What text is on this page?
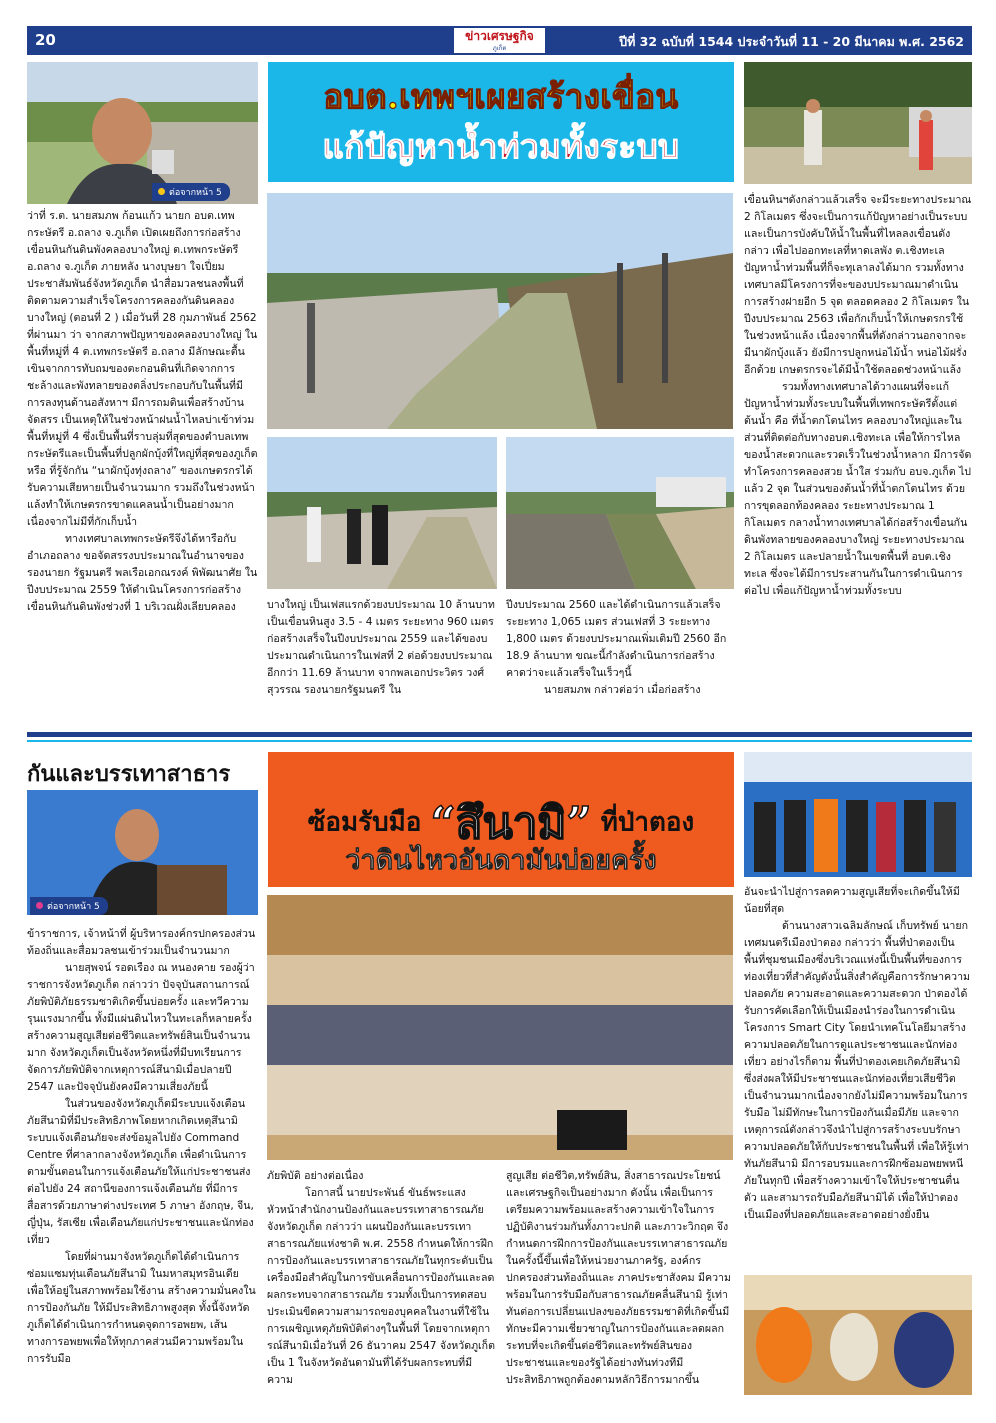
20	ข่าวเศรษฐกิจ
ภูเก็ต	ปีที่ 32 ฉบับที่ 1544 ประจำวันที่ 11 - 20 มีนาคม พ.ศ. 2562
ต่อจากหน้า 5
อบต.เทพฯเผยสร้างเขื่อน
แก้ปัญหาน้ำท่วมทั้งระบบ

ว่าที่ ร.ต. นายสมภพ ก้อนแก้ว นายก อบต.เทพกระษัตรี อ.ถลาง จ.ภูเก็ต เปิดเผยถึงการก่อสร้างเขื่อนหินกันดินพังคลองบางใหญ่ ต.เทพกระษัตรี อ.ถลาง จ.ภูเก็ต ภายหลัง นางบุษยา ใจเปี่ยมประชาสัมพันธ์จังหวัดภูเก็ต นำสื่อมวลชนลงพื้นที่ติดตามความสำเร็จโครงการคลองกันดินคลองบางใหญ่ (ตอนที่ 2 ) เมื่อวันที่ 28 กุมภาพันธ์ 2562 ที่ผ่านมา ว่า จากสภาพปัญหาของคลองบางใหญ่ ในพื้นที่หมู่ที่ 4 ต.เทพกระษัตรี อ.ถลาง มีลักษณะตื้นเขินจากการทับถมของตะกอนดินที่เกิดจากการชะล้างและพังทลายของตลิ่งประกอบกับในพื้นที่มีการลงทุนด้านอสังหาฯ มีการถมดินเพื่อสร้างบ้านจัดสรร เป็นเหตุให้ในช่วงหน้าฝนน้ำไหลบ่าเข้าท่วมพื้นที่หมู่ที่ 4 ซึ่งเป็นพื้นที่ราบลุ่มที่สุดของตำบลเทพกระษัตรีและเป็นพื้นที่ปลูกผักบุ้งที่ใหญ่ที่สุดของภูเก็ต หรือ ที่รู้จักกัน “นาผักบุ้งทุ่งถลาง” ของเกษตรกรได้รับความเสียหายเป็นจำนวนมาก รวมถึงในช่วงหน้าแล้งทำให้เกษตรกรขาดแคลนน้ำเป็นอย่างมากเนื่องจากไม่มีที่กักเก็บน้ำ

ทางเทศบาลเทพกระษัตรีจึงได้หารือกับอำเภอถลาง ขอจัดสรรงบประมาณในอำนาจของรองนายก รัฐมนตรี พลเรือเอกณรงค์ พิพัฒนาศัย ในปีงบประมาณ 2559 ให้ดำเนินโครงการก่อสร้างเขื่อนหินกันดินพังช่วงที่ 1 บริเวณฝั่งเลียบคลอง	บางใหญ่ เป็นเฟสแรกด้วยงบประมาณ 10 ล้านบาท เป็นเขื่อนหินสูง 3.5 - 4 เมตร ระยะทาง 960 เมตร ก่อสร้างเสร็จในปีงบประมาณ 2559 และได้ของบประมาณดำเนินการในเฟสที่ 2 ต่อด้วยงบประมาณอีกกว่า 11.69 ล้านบาท จากพลเอกประวิตร วงศ์สุวรรณ รองนายกรัฐมนตรี ใน

ปีงบประมาณ 2560 และได้ดำเนินการแล้วเสร็จ ระยะทาง 1,065 เมตร ส่วนเฟสที่ 3 ระยะทาง 1,800 เมตร ด้วยงบประมาณเพิ่มเติมปี 2560 อีก 18.9 ล้านบาท ขณะนี้กำลังดำเนินการก่อสร้างคาดว่าจะแล้วเสร็จในเร็วๆนี้

นายสมภพ กล่าวต่อว่า เมื่อก่อสร้าง

เขื่อนหินฯดังกล่าวแล้วเสร็จ จะมีระยะทางประมาณ 2 กิโลเมตร ซึ่งจะเป็นการแก้ปัญหาอย่างเป็นระบบ และเป็นการบังคับให้น้ำในพื้นที่ไหลลงเขื่อนดังกล่าว เพื่อไปออกทะเลที่หาดเลพัง ต.เชิงทะเล ปัญหาน้ำท่วมพื้นที่ก็จะทุเลาลงได้มาก รวมทั้งทางเทศบาลมีโครงการที่จะของบประมาณมาดำเนินการสร้างฝายอีก 5 จุด ตลอดคลอง 2 กิโลเมตร ในปีงบประมาณ 2563 เพื่อกักเก็บน้ำให้เกษตรกรใช้ในช่วงหน้าแล้ง เนื่องจากพื้นที่ดังกล่าวนอกจากจะมีนาผักบุ้งแล้ว ยังมีการปลูกหน่อไม้น้ำ หน่อไม้ฝรั่ง อีกด้วย เกษตรกรจะได้มีน้ำใช้ตลอดช่วงหน้าแล้ง

รวมทั้งทางเทศบาลได้วางแผนที่จะแก้ปัญหาน้ำท่วมทั้งระบบในพื้นที่เทพกระษัตรีตั้งแต่ต้นน้ำ คือ ที่น้ำตกโตนไทร คลองบางใหญ่และในส่วนที่ติดต่อกับทางอบต.เชิงทะเล เพื่อให้การไหลของน้ำสะดวกและรวดเร็วในช่วงน้ำหลาก มีการจัดทำโครงการคลองสวย น้ำใส ร่วมกับ อบจ.ภูเก็ต ไปแล้ว 2 จุด ในส่วนของต้นน้ำที่น้ำตกโตนไทร ด้วยการขุดลอกท้องคลอง ระยะทางประมาณ 1 กิโลเมตร กลางน้ำทางเทศบาลได้ก่อสร้างเขื่อนกันดินพังทลายของคลองบางใหญ่ ระยะทางประมาณ 2 กิโลเมตร และปลายน้ำในเขตพื้นที่ อบต.เชิงทะเล ซึ่งจะได้มีการประสานกันในการดำเนินการต่อไป เพื่อแก้ปัญหาน้ำท่วมทั้งระบบ

กันและบรรเทาสาธาร
ต่อจากหน้า 5
ซ้อมรับมือ “สึนามิ” ที่ป่าตอง
ว่าดินไหวอันดามันบ่อยครั้ง

ข้าราชการ, เจ้าหน้าที่ ผู้บริหารองค์กรปกครองส่วนท้องถิ่นและสื่อมวลชนเข้าร่วมเป็นจำนวนมาก

นายสุพจน์ รอดเรือง ณ หนองคาย รองผู้ว่าราชการจังหวัดภูเก็ต กล่าวว่า ปัจจุบันสถานการณ์ภัยพิบัติภัยธรรมชาติเกิดขึ้นบ่อยครั้ง และทวีความรุนแรงมากขึ้น ทั้งมีแผ่นดินไหวในทะเลก็หลายครั้งสร้างความสูญเสียต่อชีวิตและทรัพย์สินเป็นจำนวนมาก จังหวัดภูเก็ตเป็นจังหวัดหนึ่งที่มีบทเรียนการจัดการภัยพิบัติจากเหตุการณ์สึนามิเมื่อปลายปี 2547 และปัจจุบันยังคงมีความเสี่ยงภัยนี้

ในส่วนของจังหวัดภูเก็ตมีระบบแจ้งเตือนภัยสึนามิที่มีประสิทธิภาพโดยหากเกิดเหตุสึนามิ ระบบแจ้งเตือนภัยจะส่งข้อมูลไปยัง Command Centre ที่ศาลากลางจังหวัดภูเก็ต เพื่อดำเนินการตามขั้นตอนในการแจ้งเตือนภัยให้แก่ประชาชนส่งต่อไปยัง 24 สถานีของการแจ้งเตือนภัย ที่มีการสื่อสารด้วยภาษาต่างประเทศ 5 ภาษา อังกฤษ, จีน, ญี่ปุ่น, รัสเซีย เพื่อเตือนภัยแก่ประชาชนและนักท่องเที่ยว

โดยที่ผ่านมาจังหวัดภูเก็ตได้ดำเนินการซ่อมแซมทุ่นเตือนภัยสึนามิ ในมหาสมุทรอินเดีย เพื่อให้อยู่ในสภาพพร้อมใช้งาน สร้างความมั่นคงในการป้องกันภัย ให้มีประสิทธิภาพสูงสุด ทั้งนี้จังหวัดภูเก็ตได้ดำเนินการกำหนดจุดการอพยพ, เส้นทางการอพยพเพื่อให้ทุกภาคส่วนมีความพร้อมในการรับมือ

ภัยพิบัติ อย่างต่อเนื่อง

โอกาสนี้ นายประพันธ์ ขันธ์พระแสง หัวหน้าสำนักงานป้องกันและบรรเทาสาธารณภัยจังหวัดภูเก็ต กล่าวว่า แผนป้องกันและบรรเทาสาธารณภัยแห่งชาติ พ.ศ. 2558 กำหนดให้การฝึกการป้องกันและบรรเทาสาธารณภัยในทุกระดับเป็นเครื่องมือสำคัญในการขับเคลื่อนการป้องกันและลดผลกระทบจากสาธารณภัย รวมทั้งเป็นการทดสอบประเมินขีดความสามารถของบุคคลในงานที่ใช้ในการเผชิญเหตุภัยพิบัติต่างๆในพื้นที่ โดยจากเหตุการณ์สึนามิเมื่อวันที่ 26 ธันวาคม 2547 จังหวัดภูเก็ตเป็น 1 ในจังหวัดอันดามันที่ได้รับผลกระทบที่มีความ

สูญเสีย ต่อชีวิต,ทรัพย์สิน, สิ่งสาธารณประโยชน์และเศรษฐกิจเป็นอย่างมาก ดังนั้น เพื่อเป็นการเตรียมความพร้อมและสร้างความเข้าใจในการปฏิบัติงานร่วมกันทั้งภาวะปกติ และภาวะวิกฤต จึงกำหนดการฝึกการป้องกันและบรรเทาสาธารณภัยในครั้งนี้ขึ้นเพื่อให้หน่วยงานภาครัฐ, องค์กรปกครองส่วนท้องถิ่นและ ภาคประชาสังคม มีความพร้อมในการรับมือกับสาธารณภัยคลื่นสึนามิ รู้เท่าทันต่อการเปลี่ยนแปลงของภัยธรรมชาติที่เกิดขึ้นมีทักษะมีความเชี่ยวชาญในการป้องกันและลดผลกระทบที่จะเกิดขึ้นต่อชีวิตและทรัพย์สินของประชาชนและของรัฐได้อย่างทันท่วงทีมีประสิทธิภาพถูกต้องตามหลักวิธีการมากขึ้น

อันจะนำไปสู่การลดความสูญเสียที่จะเกิดขึ้นให้มีน้อยที่สุด

ด้านนางสาวเฉลิมลักษณ์ เก็บทรัพย์ นายกเทศมนตรีเมืองป่าตอง กล่าวว่า พื้นที่ป่าตองเป็นพื้นที่ชุมชนเมืองซึ่งบริเวณแห่งนี้เป็นพื้นที่ของการท่องเที่ยวที่สำคัญดังนั้นสิ่งสำคัญคือการรักษาความปลอดภัย ความสะอาดและความสะดวก ป่าตองได้รับการคัดเลือกให้เป็นเมืองนำร่องในการดำเนินโครงการ Smart City โดยนำเทคโนโลยีมาสร้างความปลอดภัยในการดูแลประชาชนและนักท่องเที่ยว อย่างไรก็ตาม พื้นที่ป่าตองเคยเกิดภัยสึนามิซึ่งส่งผลให้มีประชาชนและนักท่องเที่ยวเสียชีวิตเป็นจำนวนมากเนื่องจากยังไม่มีความพร้อมในการรับมือ ไม่มีทักษะในการป้องกันเมื่อมีภัย และจากเหตุการณ์ดังกล่าวจึงนำไปสู่การสร้างระบบรักษาความปลอดภัยให้กับประชาชนในพื้นที่ เพื่อให้รู้เท่าทันภัยสึนามิ มีการอบรมและการฝึกซ้อมอพยพหนีภัยในทุกปี เพื่อสร้างความเข้าใจให้ประชาชนตื่นตัว และสามารถรับมือภัยสึนามิได้ เพื่อให้ป่าตองเป็นเมืองที่ปลอดภัยและสะอาดอย่างยั่งยืน
